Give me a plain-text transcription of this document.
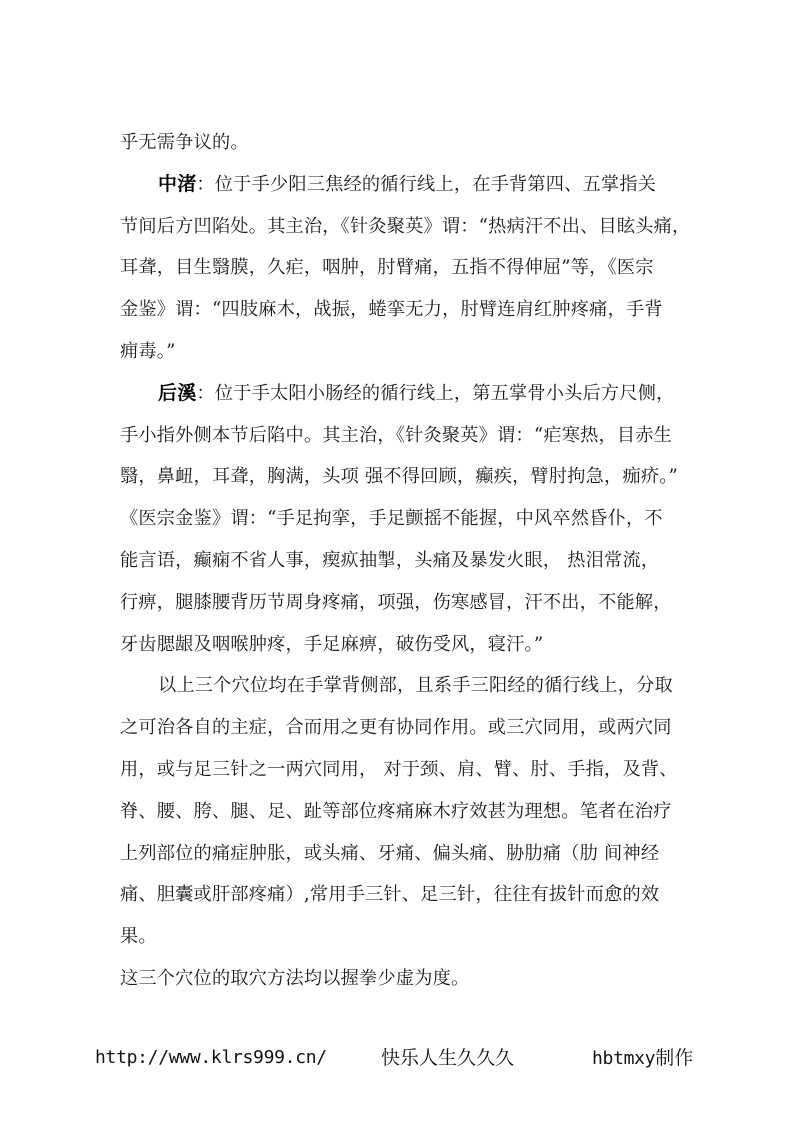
乎无需争议的。
中渚：位于手少阳三焦经的循行线上，在手背第四、五掌指关
节间后方凹陷处。其主治，《针灸聚英》谓：“热病汗不出、目眩头痛，
耳聋，目生翳膜，久疟，咽肿，肘臂痛，五指不得伸屈”等，《医宗
金鉴》谓：“四肢麻木，战振，蜷挛无力，肘臂连肩红肿疼痛，手背
痈毒。”
后溪：位于手太阳小肠经的循行线上，第五掌骨小头后方尺侧，
手小指外侧本节后陷中。其主治，《针灸聚英》谓：“疟寒热，目赤生
翳，鼻衄，耳聋，胸满，头项 强不得回顾，癫疾，臂肘拘急，痂疥。”
《医宗金鉴》谓：“手足拘挛，手足颤摇不能握，中风卒然昏仆，不
能言语，癫痫不省人事，瘈疭抽掣，头痛及暴发火眼， 热泪常流，
行痹，腿膝腰背历节周身疼痛，项强，伤寒感冒，汗不出，不能解，
牙齿腮龈及咽喉肿疼，手足麻痹，破伤受风，寝汗。”
以上三个穴位均在手掌背侧部，且系手三阳经的循行线上，分取
之可治各自的主症，合而用之更有协同作用。或三穴同用，或两穴同
用，或与足三针之一两穴同用， 对于颈、肩、臂、肘、手指，及背、
脊、腰、胯、腿、足、趾等部位疼痛麻木疗效甚为理想。笔者在治疗
上列部位的痛症肿胀，或头痛、牙痛、偏头痛、胁肋痛（肋 间神经
痛、胆囊或肝部疼痛）,常用手三针、足三针，往往有拔针而愈的效
果。
这三个穴位的取穴方法均以握拳少虚为度。
http://www.klrs999.cn/	快乐人生久久久	hbtmxy制作
